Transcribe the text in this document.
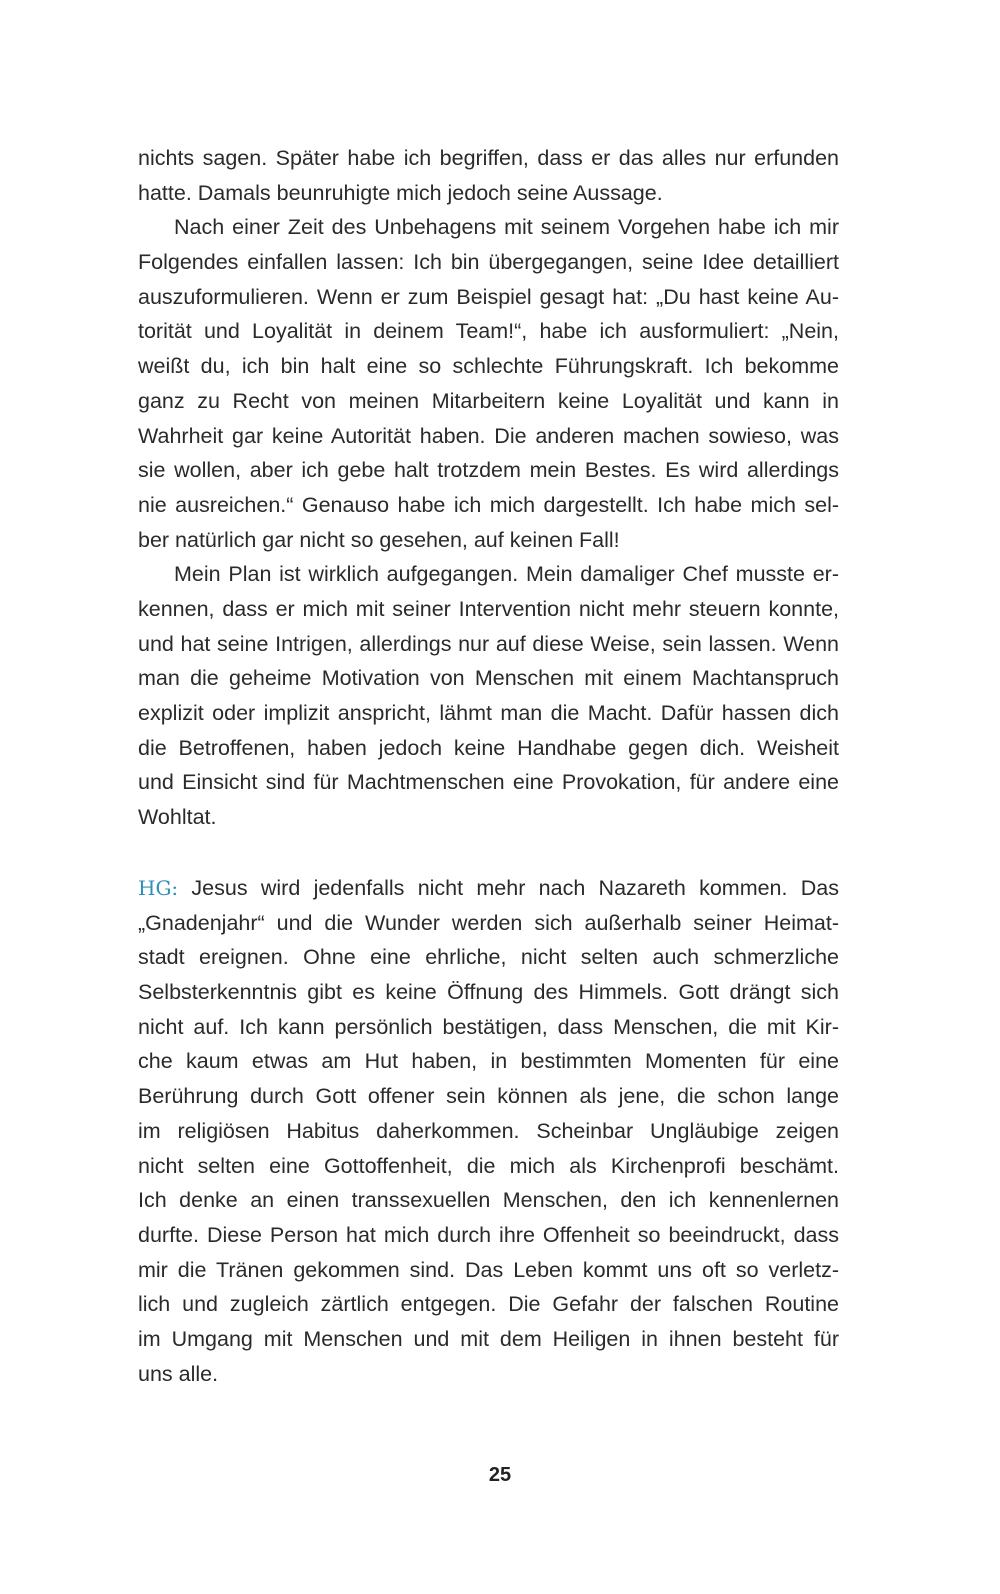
nichts sagen. Später habe ich begriffen, dass er das alles nur erfunden
hatte. Damals beunruhigte mich jedoch seine Aussage.
Nach einer Zeit des Unbehagens mit seinem Vorgehen habe ich mir
Folgendes einfallen lassen: Ich bin übergegangen, seine Idee detailliert
auszuformulieren. Wenn er zum Beispiel gesagt hat: „Du hast keine Au-
torität und Loyalität in deinem Team!“, habe ich ausformuliert: „Nein,
weißt du, ich bin halt eine so schlechte Führungskraft. Ich bekomme
ganz zu Recht von meinen Mitarbeitern keine Loyalität und kann in
Wahrheit gar keine Autorität haben. Die anderen machen sowieso, was
sie wollen, aber ich gebe halt trotzdem mein Bestes. Es wird allerdings
nie ausreichen.“ Genauso habe ich mich dargestellt. Ich habe mich sel-
ber natürlich gar nicht so gesehen, auf keinen Fall!
Mein Plan ist wirklich aufgegangen. Mein damaliger Chef musste er-
kennen, dass er mich mit seiner Intervention nicht mehr steuern konnte,
und hat seine Intrigen, allerdings nur auf diese Weise, sein lassen. Wenn
man die geheime Motivation von Menschen mit einem Machtanspruch
explizit oder implizit anspricht, lähmt man die Macht. Dafür hassen dich
die Betroffenen, haben jedoch keine Handhabe gegen dich. Weisheit
und Einsicht sind für Machtmenschen eine Provokation, für andere eine
Wohltat.
HG: Jesus wird jedenfalls nicht mehr nach Nazareth kommen. Das
„Gnadenjahr“ und die Wunder werden sich außerhalb seiner Heimat-
stadt ereignen. Ohne eine ehrliche, nicht selten auch schmerzliche
Selbsterkenntnis gibt es keine Öffnung des Himmels. Gott drängt sich
nicht auf. Ich kann persönlich bestätigen, dass Menschen, die mit Kir-
che kaum etwas am Hut haben, in bestimmten Momenten für eine
Berührung durch Gott offener sein können als jene, die schon lange
im religiösen Habitus daherkommen. Scheinbar Ungläubige zeigen
nicht selten eine Gottoffenheit, die mich als Kirchenprofi beschämt.
Ich denke an einen transsexuellen Menschen, den ich kennenlernen
durfte. Diese Person hat mich durch ihre Offenheit so beeindruckt, dass
mir die Tränen gekommen sind. Das Leben kommt uns oft so verletz-
lich und zugleich zärtlich entgegen. Die Gefahr der falschen Routine
im Umgang mit Menschen und mit dem Heiligen in ihnen besteht für
uns alle.
25
